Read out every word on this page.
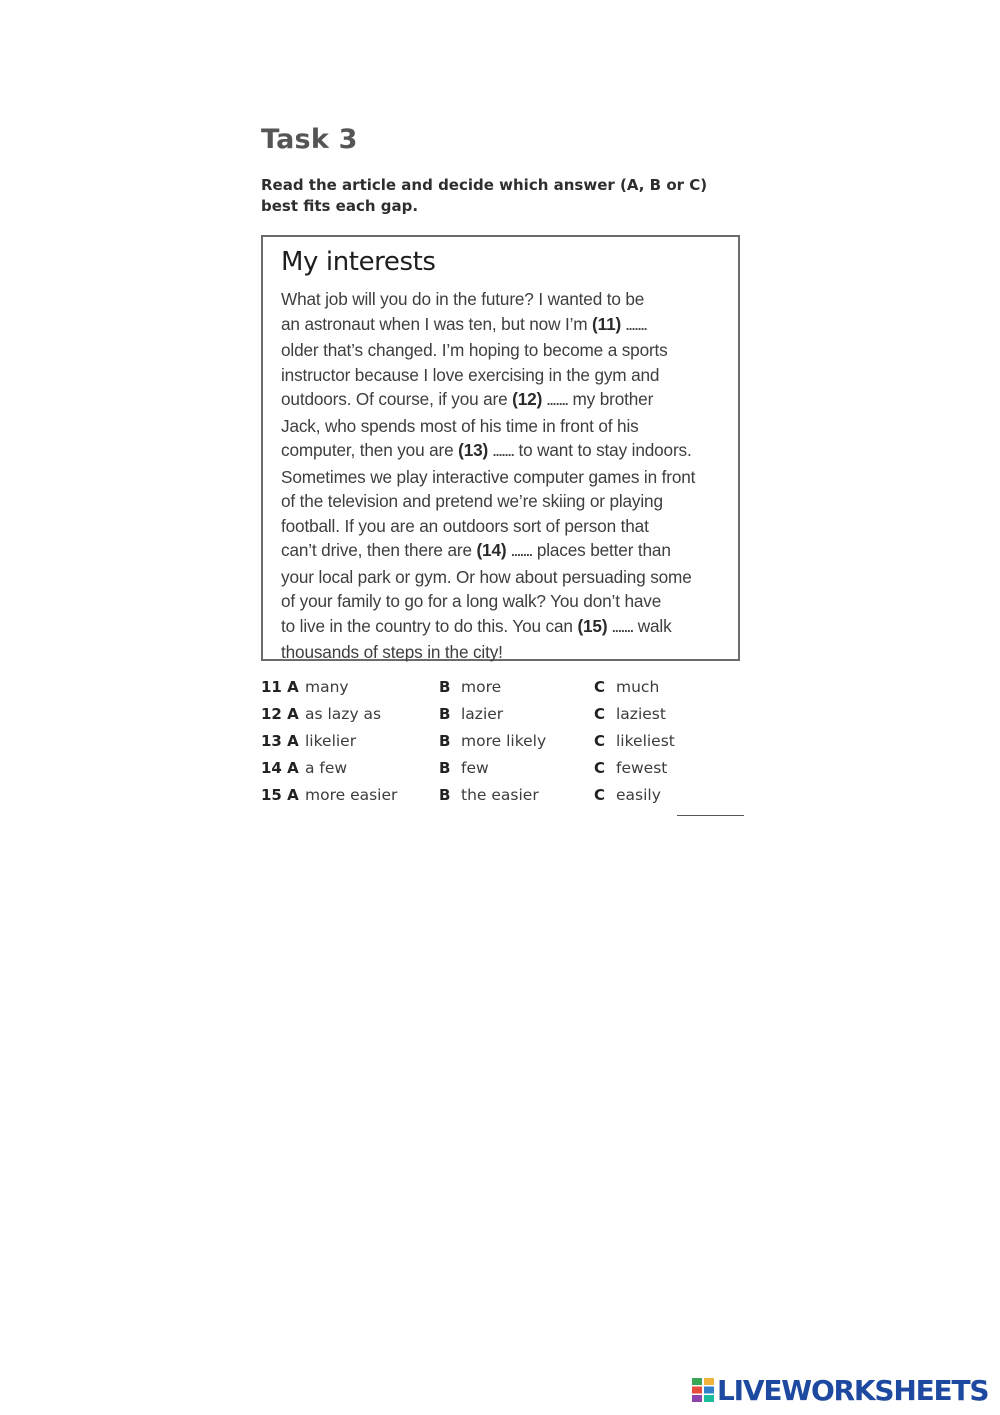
Task 3
Read the article and decide which answer (A, B or C) best fits each gap.
My interests
What job will you do in the future? I wanted to be
an astronaut when I was ten, but now I’m (11) .......
older that’s changed. I’m hoping to become a sports
instructor because I love exercising in the gym and
outdoors. Of course, if you are (12) ....... my brother
Jack, who spends most of his time in front of his
computer, then you are (13) ....... to want to stay indoors.
Sometimes we play interactive computer games in front
of the television and pretend we’re skiing or playing
football. If you are an outdoors sort of person that
can’t drive, then there are (14) ....... places better than
your local park or gym. Or how about persuading some
of your family to go for a long walk? You don’t have
to live in the country to do this. You can (15) ....... walk
thousands of steps in the city!
11 A many	B more	C much
12 A as lazy as	B lazier	C laziest
13 A likelier	B more likely	C likeliest
14 A a few	B few	C fewest
15 A more easier	B the easier	C easily
LIVEWORKSHEETS
